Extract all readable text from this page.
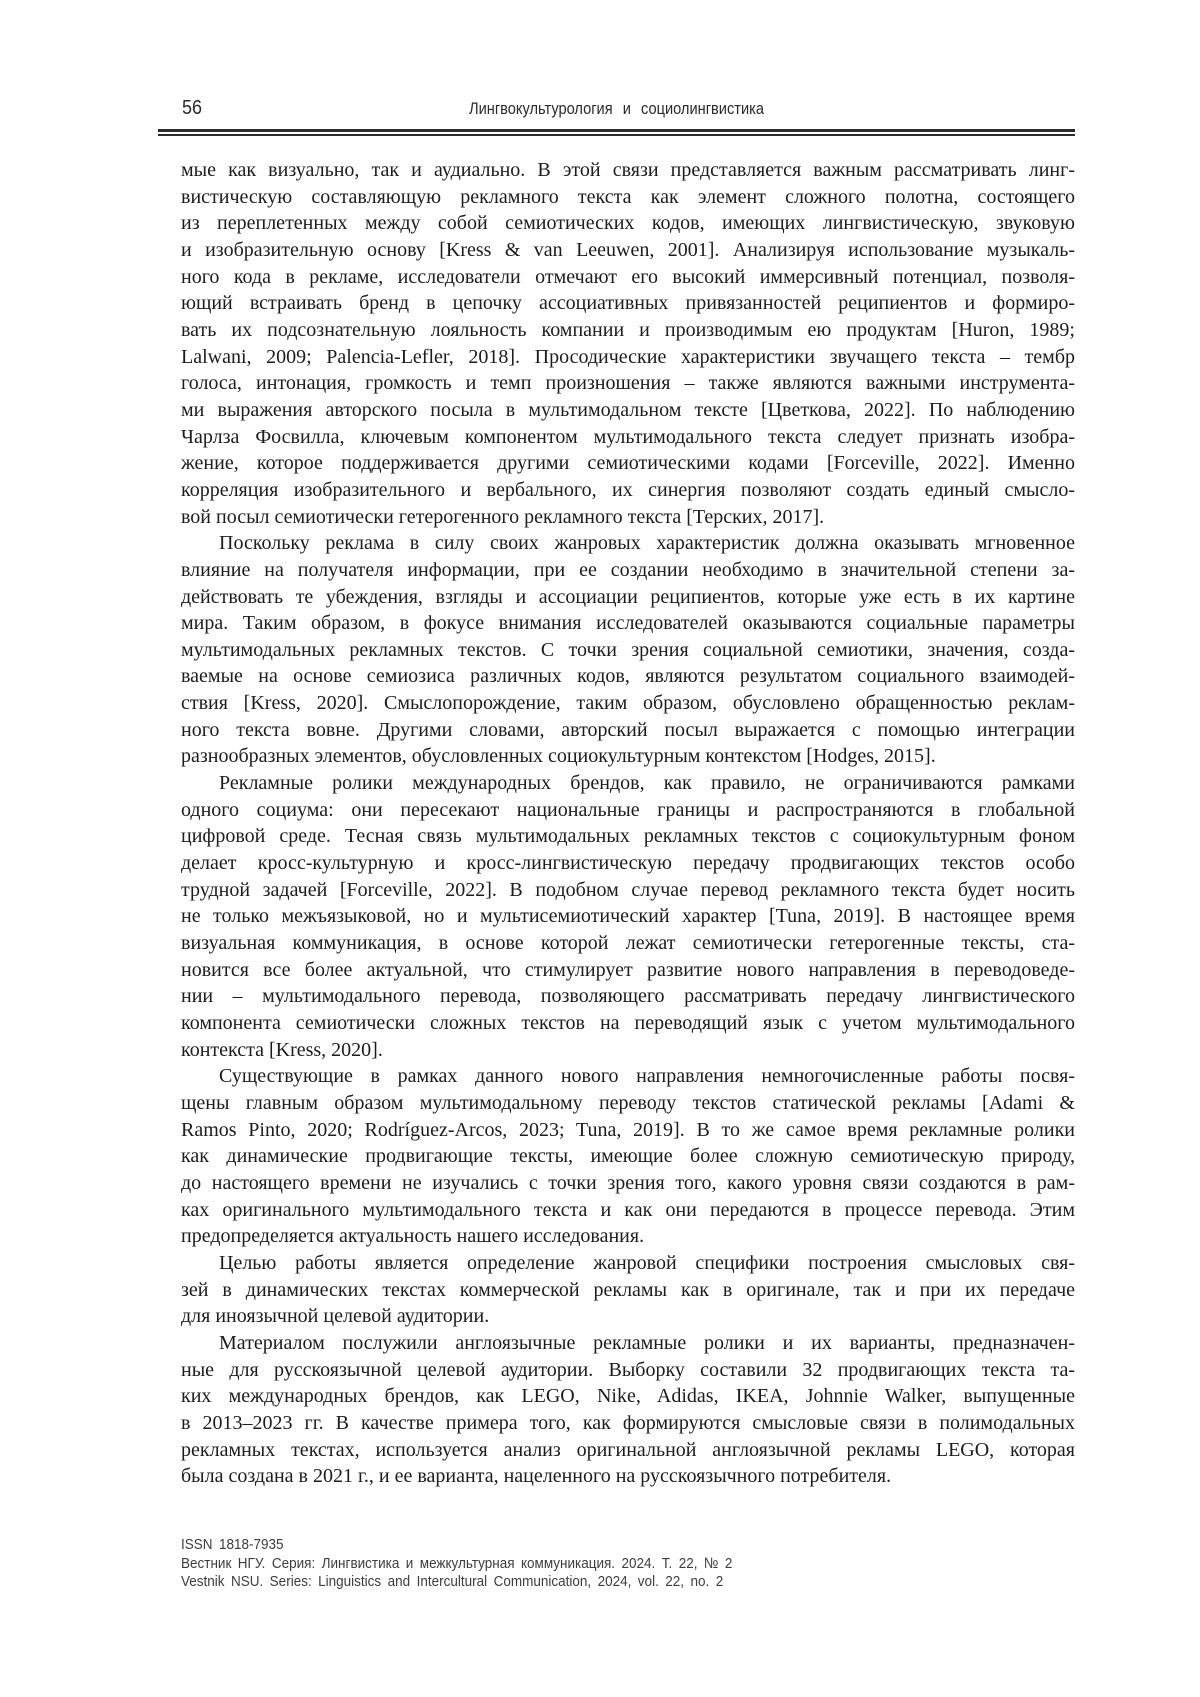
56	Лингвокультурология и социолингвистика
мые как визуально, так и аудиально. В этой связи представляется важным рассматривать линг-
вистическую составляющую рекламного текста как элемент сложного полотна, состоящего
из переплетенных между собой семиотических кодов, имеющих лингвистическую, звуковую
и изобразительную основу [Kress & van Leeuwen, 2001]. Анализируя использование музыкаль-
ного кода в рекламе, исследователи отмечают его высокий иммерсивный потенциал, позволя-
ющий встраивать бренд в цепочку ассоциативных привязанностей реципиентов и формиро-
вать их подсознательную лояльность компании и производимым ею продуктам [Huron, 1989;
Lalwani, 2009; Palencia-Lefler, 2018]. Просодические характеристики звучащего текста – тембр
голоса, интонация, громкость и темп произношения – также являются важными инструмента-
ми выражения авторского посыла в мультимодальном тексте [Цветкова, 2022]. По наблюдению
Чарлза Фосвилла, ключевым компонентом мультимодального текста следует признать изобра-
жение, которое поддерживается другими семиотическими кодами [Forceville, 2022]. Именно
корреляция изобразительного и вербального, их синергия позволяют создать единый смысло-
вой посыл семиотически гетерогенного рекламного текста [Терских, 2017].
Поскольку реклама в силу своих жанровых характеристик должна оказывать мгновенное
влияние на получателя информации, при ее создании необходимо в значительной степени за-
действовать те убеждения, взгляды и ассоциации реципиентов, которые уже есть в их картине
мира. Таким образом, в фокусе внимания исследователей оказываются социальные параметры
мультимодальных рекламных текстов. С точки зрения социальной семиотики, значения, созда-
ваемые на основе семиозиса различных кодов, являются результатом социального взаимодей-
ствия [Kress, 2020]. Смыслопорождение, таким образом, обусловлено обращенностью реклам-
ного текста вовне. Другими словами, авторский посыл выражается с помощью интеграции
разнообразных элементов, обусловленных социокультурным контекстом [Hodges, 2015].
Рекламные ролики международных брендов, как правило, не ограничиваются рамками
одного социума: они пересекают национальные границы и распространяются в глобальной
цифровой среде. Тесная связь мультимодальных рекламных текстов с социокультурным фоном
делает кросс-культурную и кросс-лингвистическую передачу продвигающих текстов особо
трудной задачей [Forceville, 2022]. В подобном случае перевод рекламного текста будет носить
не только межъязыковой, но и мультисемиотический характер [Tuna, 2019]. В настоящее время
визуальная коммуникация, в основе которой лежат семиотически гетерогенные тексты, ста-
новится все более актуальной, что стимулирует развитие нового направления в переводоведе-
нии – мультимодального перевода, позволяющего рассматривать передачу лингвистического
компонента семиотически сложных текстов на переводящий язык с учетом мультимодального
контекста [Kress, 2020].
Существующие в рамках данного нового направления немногочисленные работы посвя-
щены главным образом мультимодальному переводу текстов статической рекламы [Adami &
Ramos Pinto, 2020; Rodríguez-Arcos, 2023; Tuna, 2019]. В то же самое время рекламные ролики
как динамические продвигающие тексты, имеющие более сложную семиотическую природу,
до настоящего времени не изучались с точки зрения того, какого уровня связи создаются в рам-
ках оригинального мультимодального текста и как они передаются в процессе перевода. Этим
предопределяется актуальность нашего исследования.
Целью работы является определение жанровой специфики построения смысловых свя-
зей в динамических текстах коммерческой рекламы как в оригинале, так и при их передаче
для иноязычной целевой аудитории.
Материалом послужили англоязычные рекламные ролики и их варианты, предназначен-
ные для русскоязычной целевой аудитории. Выборку составили 32 продвигающих текста та-
ких международных брендов, как LEGO, Nike, Adidas, IKEA, Johnnie Walker, выпущенные
в 2013–2023 гг. В качестве примера того, как формируются смысловые связи в полимодальных
рекламных текстах, используется анализ оригинальной англоязычной рекламы LEGO, которая
была создана в 2021 г., и ее варианта, нацеленного на русскоязычного потребителя.
ISSN 1818-7935
Вестник НГУ. Серия: Лингвистика и межкультурная коммуникация. 2024. Т. 22, № 2
Vestnik NSU. Series: Linguistics and Intercultural Communication, 2024, vol. 22, no. 2
